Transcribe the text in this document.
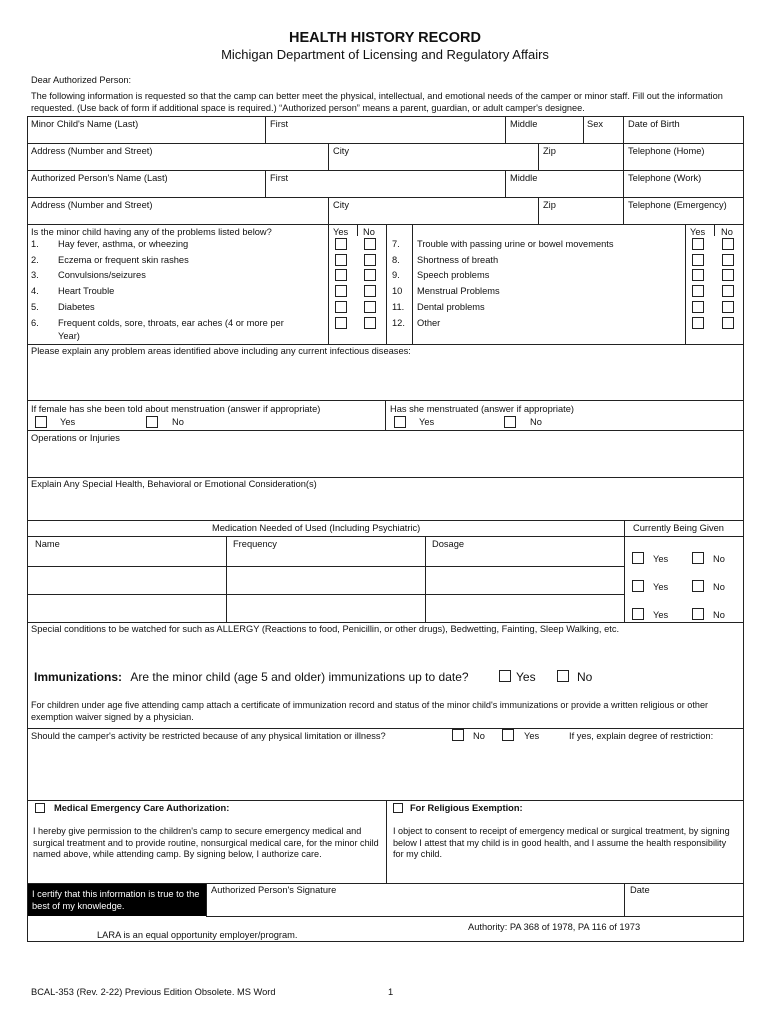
HEALTH HISTORY RECORD
Michigan Department of Licensing and Regulatory Affairs
Dear Authorized Person:
The following information is requested so that the camp can better meet the physical, intellectual, and emotional needs of the camper or minor staff. Fill out the information requested. (Use back of form if additional space is required.) “Authorized person” means a parent, guardian, or adult camper's designee.
Minor Child's Name (Last)	First	Middle	Sex	Date of Birth
Address (Number and Street)	City	Zip	Telephone (Home)
Authorized Person's Name (Last)	First	Middle	Telephone (Work)
Address (Number and Street)	City	Zip	Telephone (Emergency)
Is the minor child having any of the problems listed below?	Yes No	Yes No
1. Hay fever, asthma, or wheezing
2. Eczema or frequent skin rashes
3. Convulsions/seizures
4. Heart Trouble
5. Diabetes
6. Frequent colds, sore, throats, ear aches (4 or more per
Year)
7. Trouble with passing urine or bowel movements
8. Shortness of breath
9. Speech problems
10 Menstrual Problems
11. Dental problems
12. Other
Please explain any problem areas identified above including any current infectious diseases:
If female has she been told about menstruation (answer if appropriate)
Yes	No
Has she menstruated (answer if appropriate)
Yes	No
Operations or Injuries
Explain Any Special Health, Behavioral or Emotional Consideration(s)
Medication Needed of Used (Including Psychiatric)	Currently Being Given
Name	Frequency	Dosage
Yes	No
Yes	No
Yes	No
Special conditions to be watched for such as ALLERGY (Reactions to food, Penicillin, or other drugs), Bedwetting, Fainting, Sleep Walking, etc.
Immunizations: Are the minor child (age 5 and older) immunizations up to date?	Yes	No
For children under age five attending camp attach a certificate of immunization record and status of the minor child's immunizations or provide a written religious or other exemption waiver signed by a physician.
Should the camper's activity be restricted because of any physical limitation or illness?	No	Yes	If yes, explain degree of restriction:
Medical Emergency Care Authorization:
I hereby give permission to the children's camp to secure emergency medical and surgical treatment and to provide routine, nonsurgical medical care, for the minor child named above, while attending camp. By signing below, I authorize care.
For Religious Exemption:
I object to consent to receipt of emergency medical or surgical treatment, by signing below I attest that my child is in good health, and I assume the health responsibility for my child.
I certify that this information is true to the best of my knowledge.
Authorized Person's Signature	Date
LARA is an equal opportunity employer/program.
Authority: PA 368 of 1978, PA 116 of 1973
BCAL-353 (Rev. 2-22) Previous Edition Obsolete. MS Word	1
